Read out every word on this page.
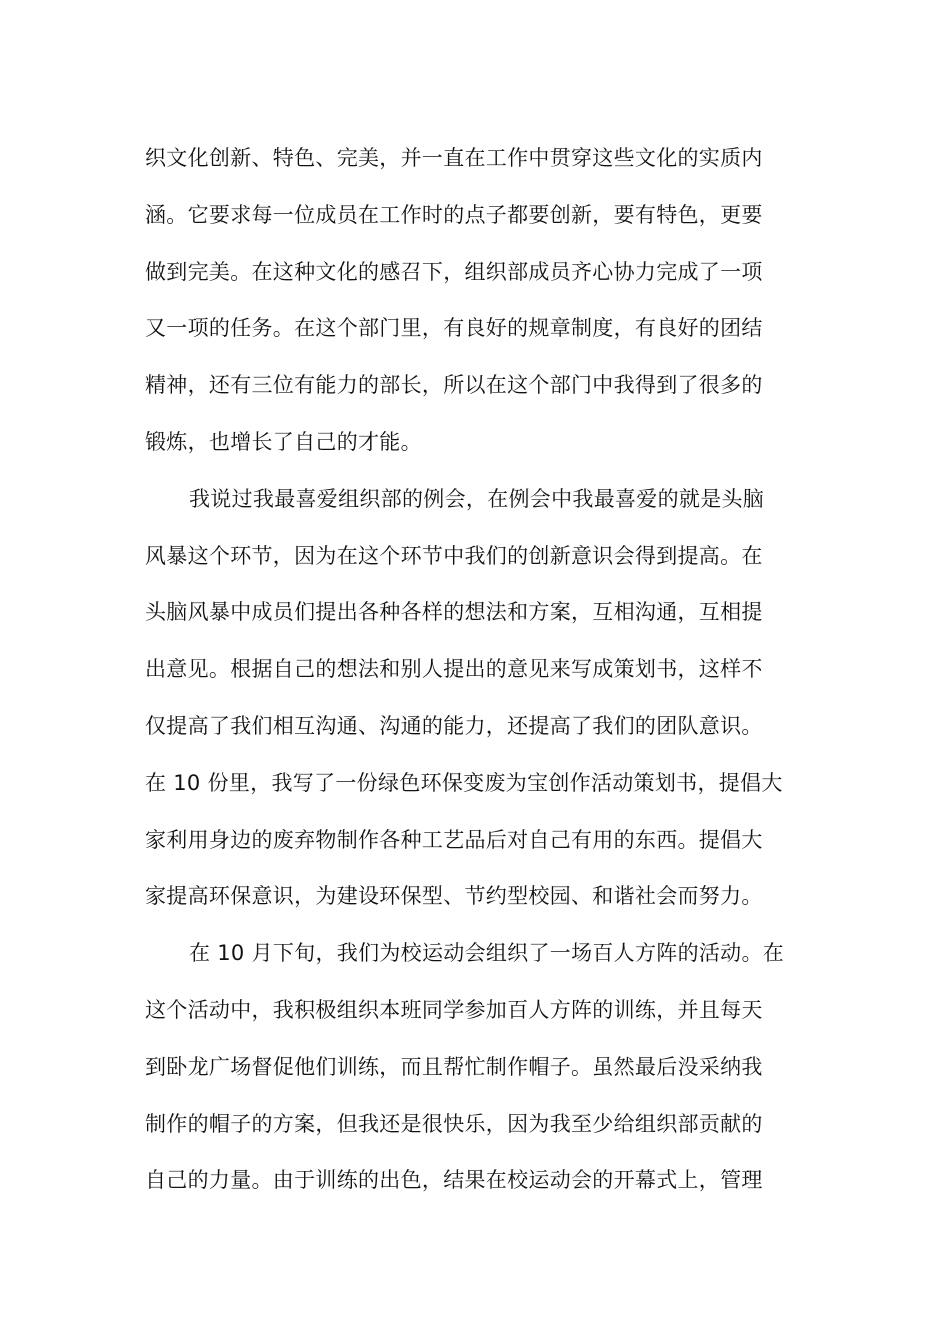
织文化创新、特色、完美，并一直在工作中贯穿这些文化的实质内
涵。它要求每一位成员在工作时的点子都要创新，要有特色，更要
做到完美。在这种文化的感召下，组织部成员齐心协力完成了一项
又一项的任务。在这个部门里，有良好的规章制度，有良好的团结
精神，还有三位有能力的部长，所以在这个部门中我得到了很多的
锻炼，也增长了自己的才能。
我说过我最喜爱组织部的例会，在例会中我最喜爱的就是头脑
风暴这个环节，因为在这个环节中我们的创新意识会得到提高。在
头脑风暴中成员们提出各种各样的想法和方案，互相沟通，互相提
出意见。根据自己的想法和别人提出的意见来写成策划书，这样不
仅提高了我们相互沟通、沟通的能力，还提高了我们的团队意识。
在 10 份里，我写了一份绿色环保变废为宝创作活动策划书，提倡大
家利用身边的废弃物制作各种工艺品后对自己有用的东西。提倡大
家提高环保意识，为建设环保型、节约型校园、和谐社会而努力。
在 10 月下旬，我们为校运动会组织了一场百人方阵的活动。在
这个活动中，我积极组织本班同学参加百人方阵的训练，并且每天
到卧龙广场督促他们训练，而且帮忙制作帽子。虽然最后没采纳我
制作的帽子的方案，但我还是很快乐，因为我至少给组织部贡献的
自己的力量。由于训练的出色，结果在校运动会的开幕式上，管理
